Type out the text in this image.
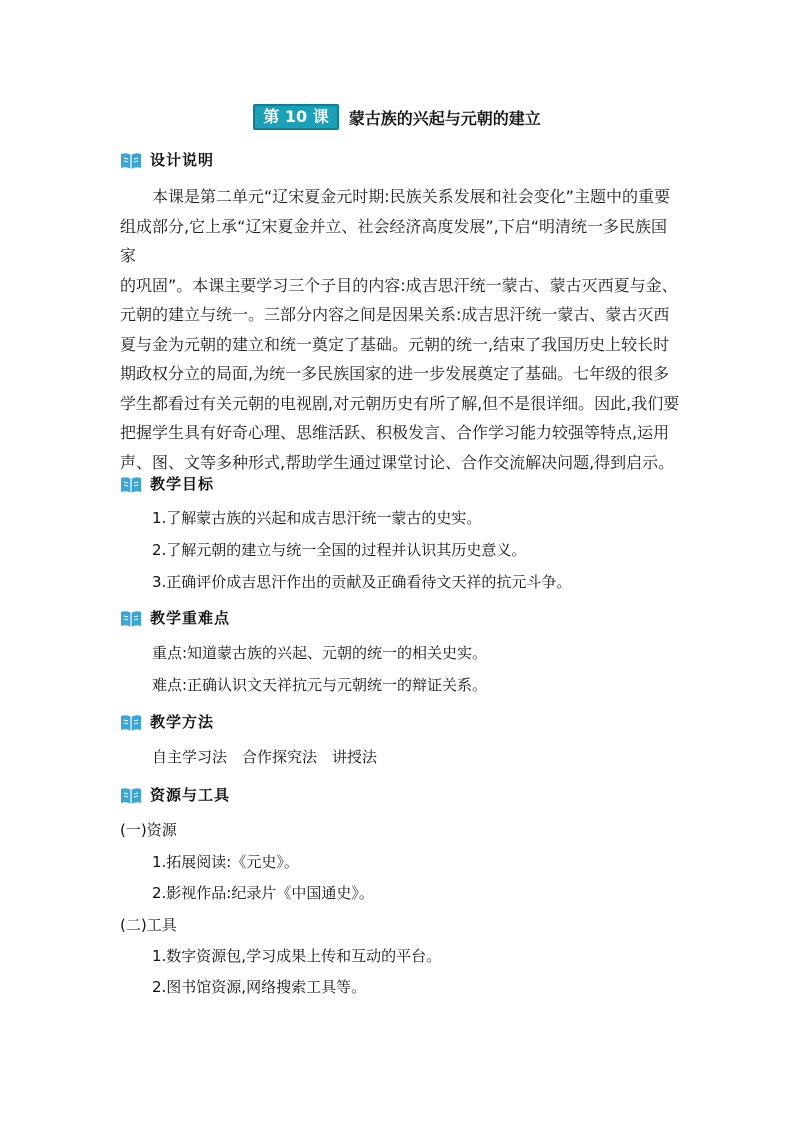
第 10 课	蒙古族的兴起与元朝的建立
设计说明
本课是第二单元“辽宋夏金元时期:民族关系发展和社会变化”主题中的重要
组成部分,它上承“辽宋夏金并立、社会经济高度发展”,下启“明清统一多民族国家
的巩固”。本课主要学习三个子目的内容:成吉思汗统一蒙古、蒙古灭西夏与金、
元朝的建立与统一。三部分内容之间是因果关系:成吉思汗统一蒙古、蒙古灭西
夏与金为元朝的建立和统一奠定了基础。元朝的统一,结束了我国历史上较长时
期政权分立的局面,为统一多民族国家的进一步发展奠定了基础。七年级的很多
学生都看过有关元朝的电视剧,对元朝历史有所了解,但不是很详细。因此,我们要
把握学生具有好奇心理、思维活跃、积极发言、合作学习能力较强等特点,运用
声、图、文等多种形式,帮助学生通过课堂讨论、合作交流解决问题,得到启示。
教学目标
1.了解蒙古族的兴起和成吉思汗统一蒙古的史实。
2.了解元朝的建立与统一全国的过程并认识其历史意义。
3.正确评价成吉思汗作出的贡献及正确看待文天祥的抗元斗争。
教学重难点
重点:知道蒙古族的兴起、元朝的统一的相关史实。
难点:正确认识文天祥抗元与元朝统一的辩证关系。
教学方法
自主学习法　合作探究法　讲授法
资源与工具
(一)资源
1.拓展阅读:《元史》。
2.影视作品:纪录片《中国通史》。
(二)工具
1.数字资源包,学习成果上传和互动的平台。
2.图书馆资源,网络搜索工具等。
